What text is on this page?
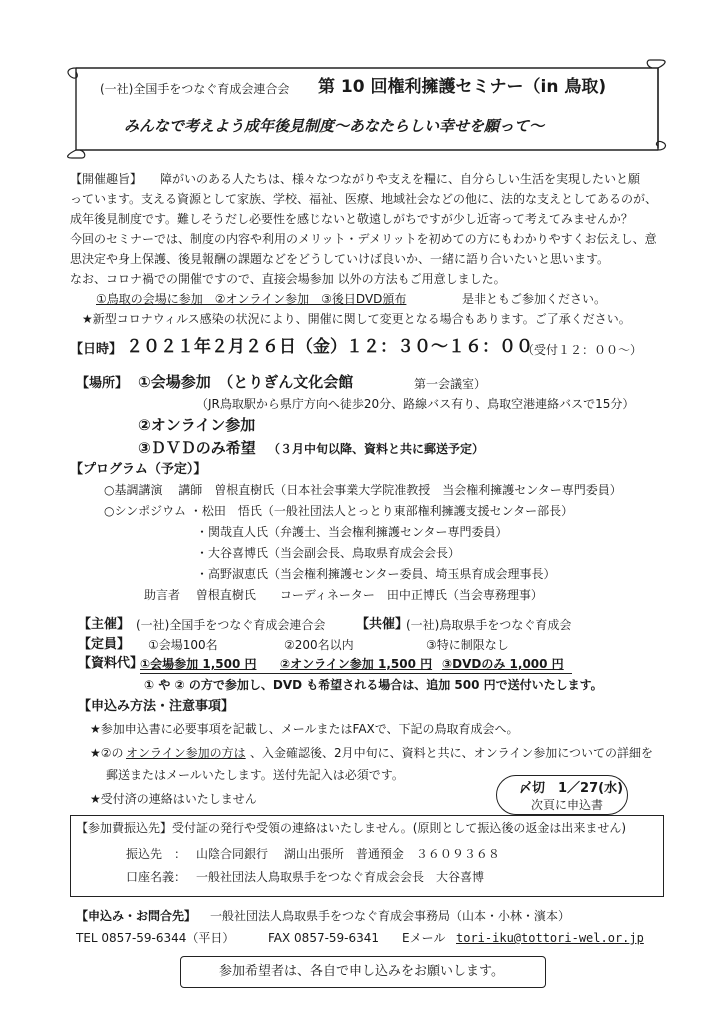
(一社)全国手をつなぐ育成会連合会 第 10 回権利擁護セミナー（in 鳥取)
みんなで考えよう成年後見制度～あなたらしい幸せを願って～
【開催趣旨】 障がいのある人たちは、様々なつながりや支えを糧に、自分らしい生活を実現したいと願
っています。支える資源として家族、学校、福祉、医療、地域社会などの他に、法的な支えとしてあるのが、
成年後見制度です。難しそうだし必要性を感じないと敬遠しがちですが少し近寄って考えてみませんか？
今回のセミナーでは、制度の内容や利用のメリット・デメリットを初めての方にもわかりやすくお伝えし、意
思決定や身上保護、後見報酬の課題などをどうしていけば良いか、一緒に語り合いたいと思います。
なお、コロナ禍での開催ですので、直接会場参加 以外の方法もご用意しました。
①鳥取の会場に参加　②オンライン参加　③後日DVD頒布	是非ともご参加ください。
★新型コロナウィルス感染の状況により、開催に関して変更となる場合もあります。ご了承ください。
【日時】 ２０２１年２月２６日（金） １２：３０～１６：００
（受付１２：００～）
【場所】 ①会場参加　（とりぎん文化会館	第一会議室）
（JR鳥取駅から県庁方向へ徒歩20分、路線バス有り、鳥取空港連絡バスで15分）
②オンライン参加
③ＤＶＤのみ希望 （３月中旬以降、資料と共に郵送予定）
【プログラム（予定）】
○基調講演　 講師　曽根直樹氏（日本社会事業大学院准教授　当会権利擁護センター専門委員）
○シンポジウム ・松田　悟氏（一般社団法人とっとり東部権利擁護支援センター部長）
・関哉直人氏（弁護士、当会権利擁護センター専門委員）
・大谷喜博氏（当会副会長、鳥取県育成会会長）
・高野淑恵氏（当会権利擁護センター委員、埼玉県育成会理事長）
助言者　 曽根直樹氏　　コーディネーター　田中正博氏（当会専務理事）
【主催】 (一社)全国手をつなぐ育成会連合会 【共催】
(一社)鳥取県手をつなぐ育成会
【定員】 ①会場100名	②200名以内	③特に制限なし
【資料代】
①会場参加 1,500 円 ②オンライン参加 1,500 円 ③DVDのみ 1,000 円
① や ② の方で参加し、DVD も希望される場合は、追加 500 円で送付いたします。
【申込み方法・注意事項】
★参加申込書に必要事項を記載し、メールまたはFAXで、下記の鳥取育成会へ。
★②の オンライン参加の方は 、入金確認後、2月中旬に、資料と共に、オンライン参加についての詳細を
郵送またはメールいたします。送付先記入は必須です。
★受付済の連絡はいたしません
〆切　1／27(水)
次頁に申込書
【参加費振込先】 受付証の発行や受領の連絡はいたしません。(原則として振込後の返金は出来ません)
振込先　： 山陰合同銀行　 湖山出張所　普通預金　３６０９３６８
口座名義： 一般社団法人鳥取県手をつなぐ育成会会長　大谷喜博
【申込み・お問合先】 一般社団法人鳥取県手をつなぐ育成会事務局（山本・小林・濱本）
TEL 0857-59-6344（平日）	FAX 0857-59-6341 Eメール tori-iku@tottori-wel.or.jp
参加希望者は、各自で申し込みをお願いします。
